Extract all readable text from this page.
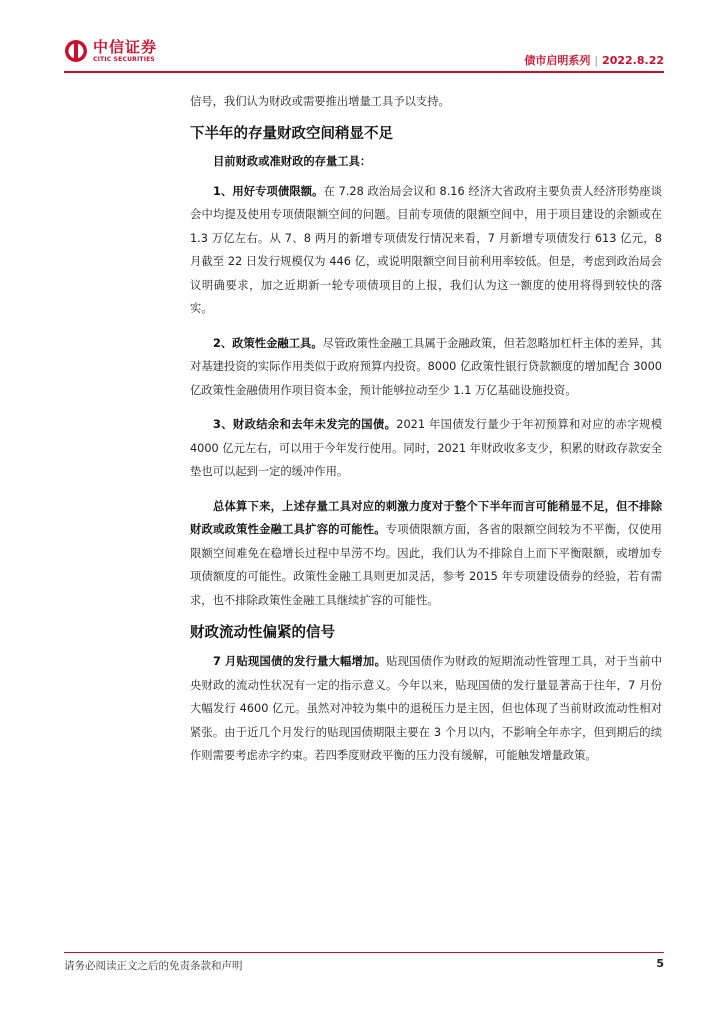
中信证券
CITIC SECURITIES	债市启明系列 | 2022.8.22

信号，我们认为财政或需要推出增量工具予以支持。

下半年的存量财政空间稍显不足

目前财政或准财政的存量工具：

1、用好专项债限额。在 7.28 政治局会议和 8.16 经济大省政府主要负责人经济形势座谈会中均提及使用专项债限额空间的问题。目前专项债的限额空间中，用于项目建设的余额或在 1.3 万亿左右。从 7、8 两月的新增专项债发行情况来看，7 月新增专项债发行 613 亿元，8 月截至 22 日发行规模仅为 446 亿，或说明限额空间目前利用率较低。但是，考虑到政治局会议明确要求，加之近期新一轮专项债项目的上报，我们认为这一额度的使用将得到较快的落实。

2、政策性金融工具。尽管政策性金融工具属于金融政策，但若忽略加杠杆主体的差异，其对基建投资的实际作用类似于政府预算内投资。8000 亿政策性银行贷款额度的增加配合 3000 亿政策性金融债用作项目资本金，预计能够拉动至少 1.1 万亿基础设施投资。

3、财政结余和去年未发完的国债。2021 年国债发行量少于年初预算和对应的赤字规模 4000 亿元左右，可以用于今年发行使用。同时，2021 年财政收多支少，积累的财政存款安全垫也可以起到一定的缓冲作用。

总体算下来，上述存量工具对应的刺激力度对于整个下半年而言可能稍显不足，但不排除财政或政策性金融工具扩容的可能性。专项债限额方面，各省的限额空间较为不平衡，仅使用限额空间难免在稳增长过程中旱涝不均。因此，我们认为不排除自上而下平衡限额，或增加专项债额度的可能性。政策性金融工具则更加灵活，参考 2015 年专项建设债券的经验，若有需求，也不排除政策性金融工具继续扩容的可能性。

财政流动性偏紧的信号

7 月贴现国债的发行量大幅增加。贴现国债作为财政的短期流动性管理工具，对于当前中央财政的流动性状况有一定的指示意义。今年以来，贴现国债的发行量显著高于往年，7 月份大幅发行 4600 亿元。虽然对冲较为集中的退税压力是主因，但也体现了当前财政流动性相对紧张。由于近几个月发行的贴现国债期限主要在 3 个月以内，不影响全年赤字，但到期后的续作则需要考虑赤字约束。若四季度财政平衡的压力没有缓解，可能触发增量政策。

请务必阅读正文之后的免责条款和声明	5
